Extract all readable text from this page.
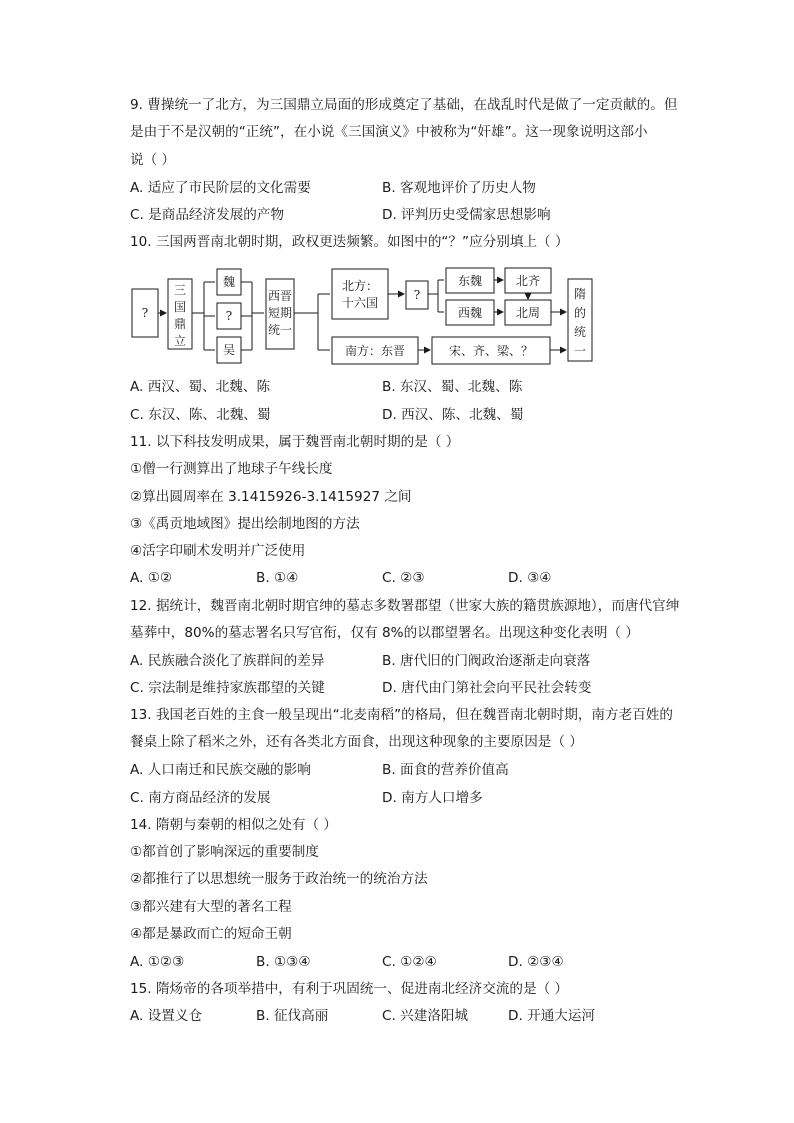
9. 曹操统一了北方，为三国鼎立局面的形成奠定了基础，在战乱时代是做了一定贡献的。但
是由于不是汉朝的“正统”，在小说《三国演义》中被称为“奸雄”。这一现象说明这部小
说（ ）
A. 适应了市民阶层的文化需要	B. 客观地评价了历史人物
C. 是商品经济发展的产物	D. 评判历史受儒家思想影响
10. 三国两晋南北朝时期，政权更迭频繁。如图中的“？”应分别填上（ ）
?
三
国
鼎
立
魏
?
吴
西晋
短期
统一
北方：
十六国
?
东魏	北齐
西魏	北周
南方：东晋	宋、齐、梁、？
隋
的
统
一
A. 西汉、蜀、北魏、陈	B. 东汉、蜀、北魏、陈
C. 东汉、陈、北魏、蜀	D. 西汉、陈、北魏、蜀
11. 以下科技发明成果，属于魏晋南北朝时期的是（ ）
①僧一行测算出了地球子午线长度
②算出圆周率在 3.1415926-3.1415927 之间
③《禹贡地域图》提出绘制地图的方法
④活字印刷术发明并广泛使用
A. ①②	B. ①④	C. ②③	D. ③④
12. 据统计，魏晋南北朝时期官绅的墓志多数署郡望（世家大族的籍贯族源地），而唐代官绅
墓葬中，80%的墓志署名只写官衔，仅有 8%的以郡望署名。出现这种变化表明（ ）
A. 民族融合淡化了族群间的差异	B. 唐代旧的门阀政治逐渐走向衰落
C. 宗法制是维持家族郡望的关键	D. 唐代由门第社会向平民社会转变
13. 我国老百姓的主食一般呈现出“北麦南稻”的格局，但在魏晋南北朝时期，南方老百姓的
餐桌上除了稻米之外，还有各类北方面食，出现这种现象的主要原因是（ ）
A. 人口南迁和民族交融的影响	B. 面食的营养价值高
C. 南方商品经济的发展	D. 南方人口增多
14. 隋朝与秦朝的相似之处有（ ）
①都首创了影响深远的重要制度
②都推行了以思想统一服务于政治统一的统治方法
③都兴建有大型的著名工程
④都是暴政而亡的短命王朝
A. ①②③	B. ①③④	C. ①②④	D. ②③④
15. 隋炀帝的各项举措中，有利于巩固统一、促进南北经济交流的是（ ）
A. 设置义仓	B. 征伐高丽	C. 兴建洛阳城	D. 开通大运河
